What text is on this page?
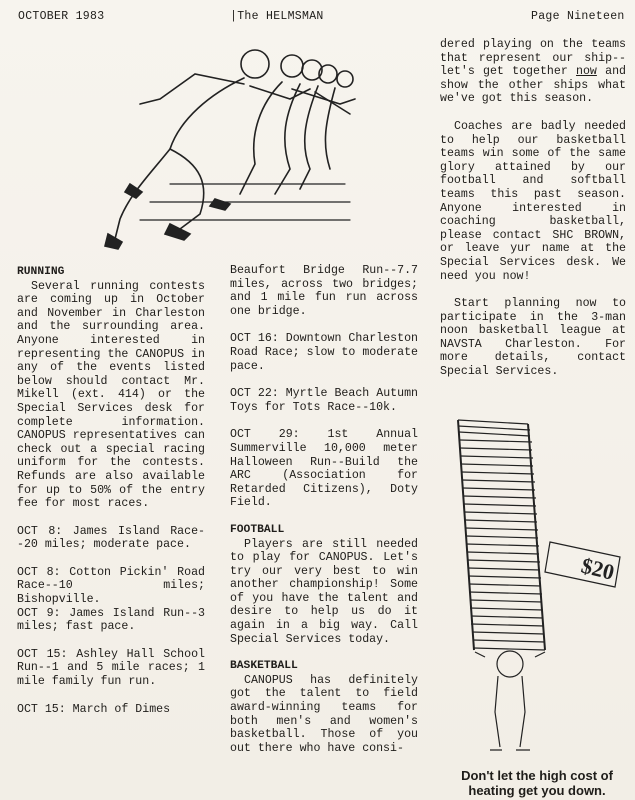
OCTOBER 1983	|The HELMSMAN	Page Nineteen
RUNNING

Several running contests are coming up in October and November in Charleston and the surrounding area. Anyone interested in representing the CANOPUS in any of the events listed below should contact Mr. Mikell (ext. 414) or the Special Services desk for complete information. CANOPUS representatives can check out a special racing uniform for the contests. Refunds are also available for up to 50% of the entry fee for most races.

OCT 8: James Island Race--20 miles; moderate pace.

OCT 8: Cotton Pickin' Road Race--10 miles; Bishopville.

OCT 9: James Island Run--3 miles; fast pace.

OCT 15: Ashley Hall School Run--1 and 5 mile races; 1 mile family fun run.

OCT 15: March of Dimes

Beaufort Bridge Run--7.7 miles, across two bridges; and 1 mile fun run across one bridge.

OCT 16: Downtown Charleston Road Race; slow to moderate pace.

OCT 22: Myrtle Beach Autumn Toys for Tots Race--10k.

OCT 29: 1st Annual Summerville 10,000 meter Halloween Run--Build the ARC (Association for Retarded Citizens), Doty Field.

FOOTBALL

Players are still needed to play for CANOPUS. Let's try our very best to win another championship! Some of you have the talent and desire to help us do it again in a big way. Call Special Services today.

BASKETBALL

CANOPUS has definitely got the talent to field award-winning teams for both men's and women's basketball. Those of you out there who have consi-

dered playing on the teams that represent our ship--let's get together now and show the other ships what we've got this season.

Coaches are badly needed to help our basketball teams win some of the same glory attained by our football and softball teams this past season. Anyone interested in coaching basketball, please contact SHC BROWN, or leave yur name at the Special Services desk. We need you now!

Start planning now to participate in the 3-man noon basketball league at NAVSTA Charleston. For more details, contact Special Services.

$20
Don't let the high cost of heating get you down.
